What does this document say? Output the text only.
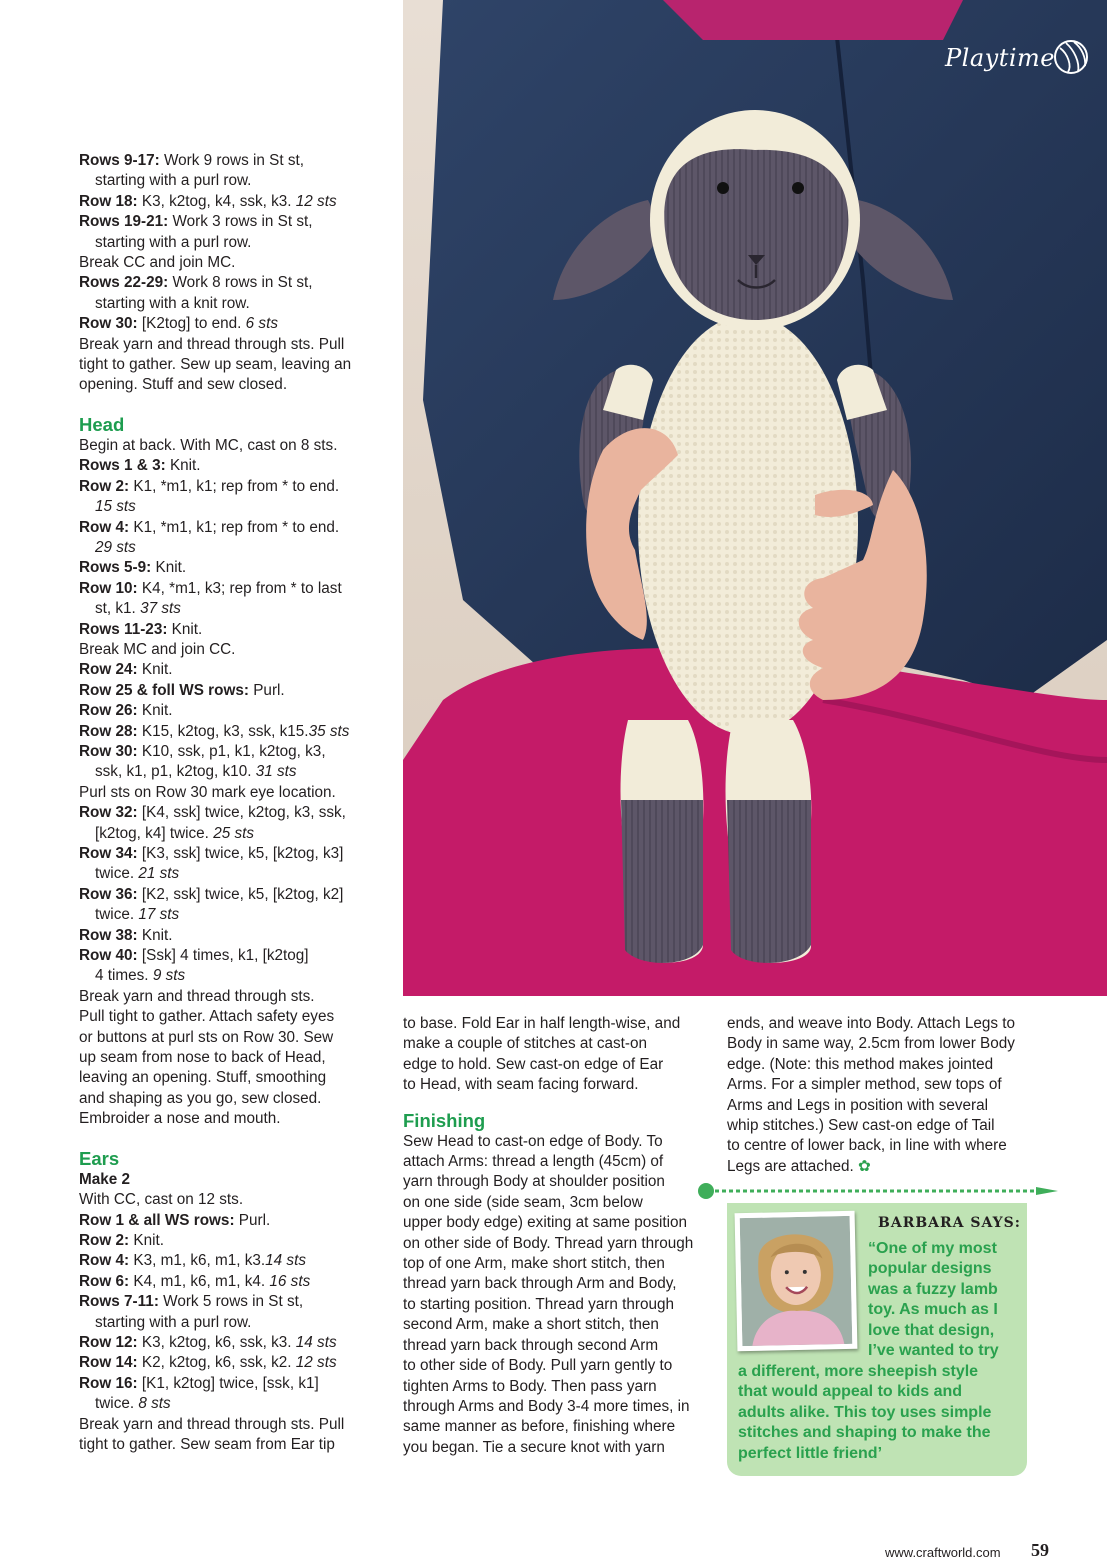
Rows 9-17: Work 9 rows in St st,

starting with a purl row.

Row 18: K3, k2tog, k4, ssk, k3. 12 sts

Rows 19-21: Work 3 rows in St st,

starting with a purl row.

Break CC and join MC.

Rows 22-29: Work 8 rows in St st,

starting with a knit row.

Row 30: [K2tog] to end. 6 sts

Break yarn and thread through sts. Pull

tight to gather. Sew up seam, leaving an

opening. Stuff and sew closed.

Head

Begin at back. With MC, cast on 8 sts.

Rows 1 & 3: Knit.

Row 2: K1, *m1, k1; rep from * to end.

15 sts

Row 4: K1, *m1, k1; rep from * to end.

29 sts

Rows 5-9: Knit.

Row 10: K4, *m1, k3; rep from * to last

st, k1. 37 sts

Rows 11-23: Knit.

Break MC and join CC.

Row 24: Knit.

Row 25 & foll WS rows: Purl.

Row 26: Knit.

Row 28: K15, k2tog, k3, ssk, k15.35 sts

Row 30: K10, ssk, p1, k1, k2tog, k3,

ssk, k1, p1, k2tog, k10. 31 sts

Purl sts on Row 30 mark eye location.

Row 32: [K4, ssk] twice, k2tog, k3, ssk,

[k2tog, k4] twice. 25 sts

Row 34: [K3, ssk] twice, k5, [k2tog, k3]

twice. 21 sts

Row 36: [K2, ssk] twice, k5, [k2tog, k2]

twice. 17 sts

Row 38: Knit.

Row 40: [Ssk] 4 times, k1, [k2tog]

4 times. 9 sts

Break yarn and thread through sts.

Pull tight to gather. Attach safety eyes

or buttons at purl sts on Row 30. Sew

up seam from nose to back of Head,

leaving an opening. Stuff, smoothing

and shaping as you go, sew closed.

Embroider a nose and mouth.

Ears

Make 2

With CC, cast on 12 sts.

Row 1 & all WS rows: Purl.

Row 2: Knit.

Row 4: K3, m1, k6, m1, k3.14 sts

Row 6: K4, m1, k6, m1, k4. 16 sts

Rows 7-11: Work 5 rows in St st,

starting with a purl row.

Row 12: K3, k2tog, k6, ssk, k3. 14 sts

Row 14: K2, k2tog, k6, ssk, k2. 12 sts

Row 16: [K1, k2tog] twice, [ssk, k1]

twice. 8 sts

Break yarn and thread through sts. Pull

tight to gather. Sew seam from Ear tip

Playtime

to base. Fold Ear in half length-wise, and

make a couple of stitches at cast-on

edge to hold. Sew cast-on edge of Ear

to Head, with seam facing forward.

Finishing

Sew Head to cast-on edge of Body. To

attach Arms: thread a length (45cm) of

yarn through Body at shoulder position

on one side (side seam, 3cm below

upper body edge) exiting at same position

on other side of Body. Thread yarn through

top of one Arm, make short stitch, then

thread yarn back through Arm and Body,

to starting position. Thread yarn through

second Arm, make a short stitch, then

thread yarn back through second Arm

to other side of Body. Pull yarn gently to

tighten Arms to Body. Then pass yarn

through Arms and Body 3-4 more times, in

same manner as before, finishing where

you began. Tie a secure knot with yarn

ends, and weave into Body. Attach Legs to

Body in same way, 2.5cm from lower Body

edge. (Note: this method makes jointed

Arms. For a simpler method, sew tops of

Arms and Legs in position with several

whip stitches.) Sew cast-on edge of Tail

to centre of lower back, in line with where

Legs are attached. ✿

BARBARA SAYS:
“One of my most
popular designs
was a fuzzy lamb
toy. As much as I
love that design,
I’ve wanted to try
a different, more sheepish style
that would appeal to kids and
adults alike. This toy uses simple
stitches and shaping to make the
perfect little friend’
www.craftworld.com 59
